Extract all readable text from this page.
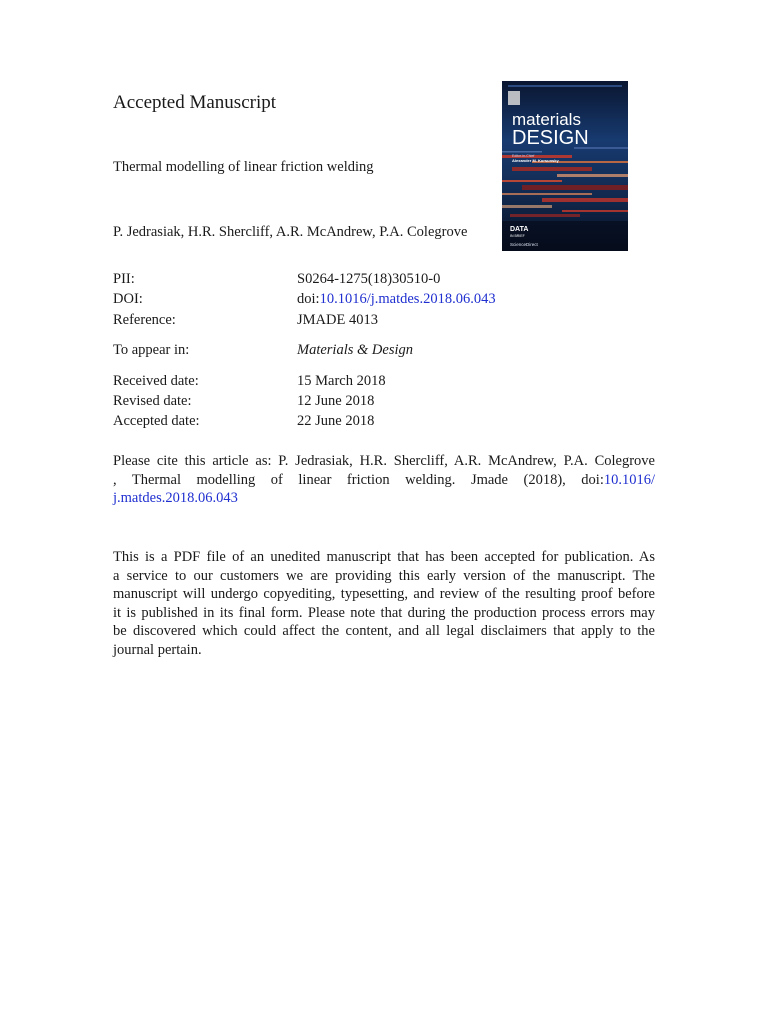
Accepted Manuscript
Thermal modelling of linear friction welding
P. Jedrasiak, H.R. Shercliff, A.R. McAndrew, P.A. Colegrove
materials
DESIGN
Editor-in-Chief
Alexander M. Korsunsky
DATA
IN BRIEF
ScienceDirect
PII:	S0264-1275(18)30510-0
DOI:	doi:10.1016/j.matdes.2018.06.043
Reference:	JMADE 4013
To appear in:	Materials & Design
Received date:	15 March 2018
Revised date:	12 June 2018
Accepted date:	22 June 2018
Please cite this article as: P. Jedrasiak, H.R. Shercliff, A.R. McAndrew, P.A. Colegrove
, Thermal modelling of linear friction welding. Jmade (2018), doi:10.1016/
j.matdes.2018.06.043
This is a PDF file of an unedited manuscript that has been accepted for publication. As
a service to our customers we are providing this early version of the manuscript. The
manuscript will undergo copyediting, typesetting, and review of the resulting proof before
it is published in its final form. Please note that during the production process errors may
be discovered which could affect the content, and all legal disclaimers that apply to the
journal pertain.
